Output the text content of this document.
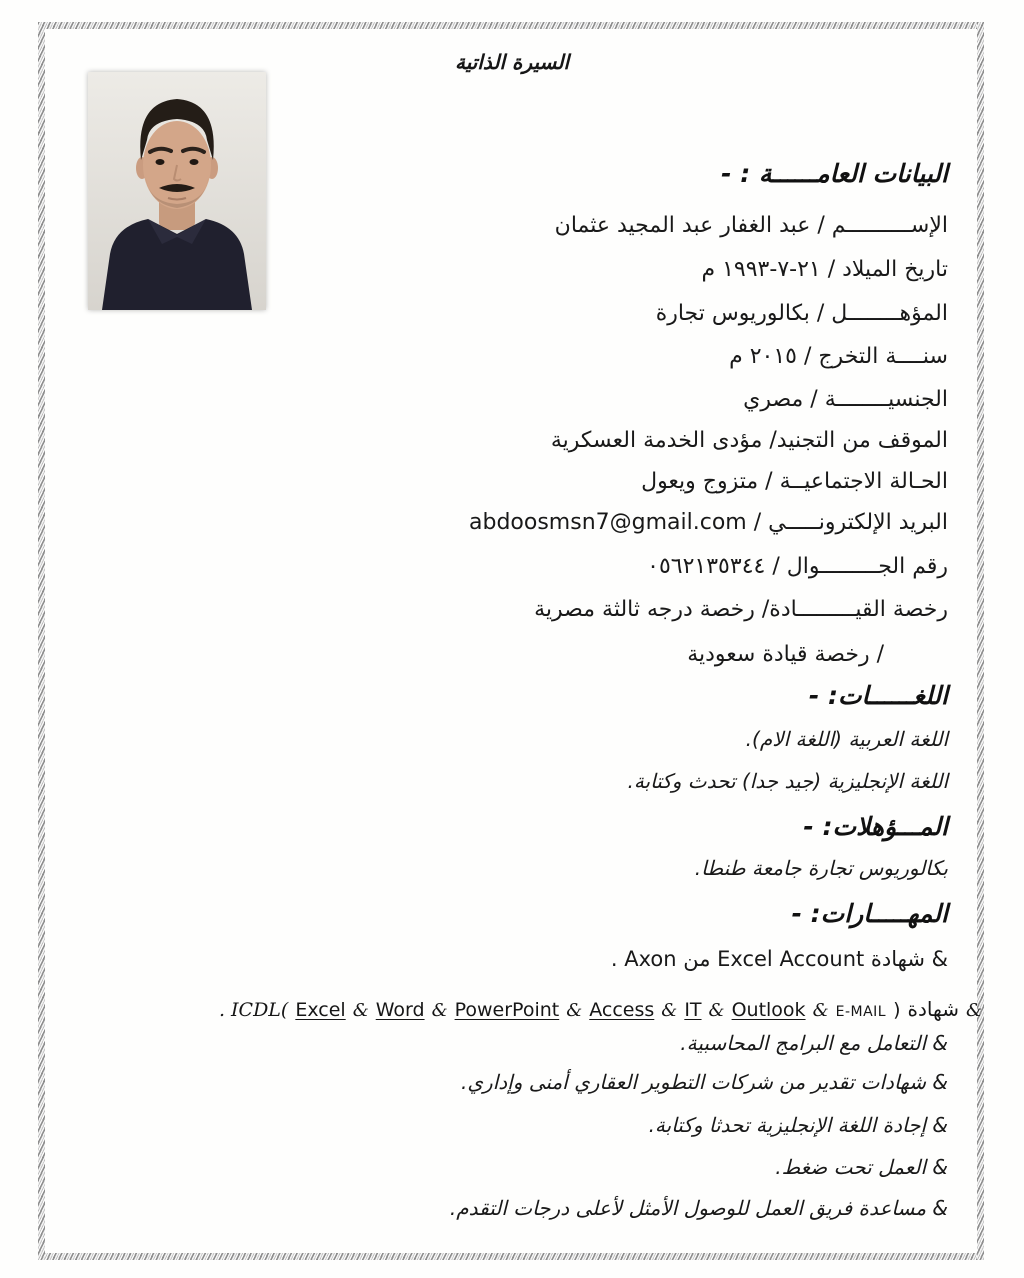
السيرة الذاتية
البيانات العامــــــة : -
الإســــــــــم / عبد الغفار عبد المجيد عثمان
تاريخ الميلاد / ٢١-٧-١٩٩٣ م
المؤهــــــــل / بكالوريوس تجارة
سنــــة التخرج / ٢٠١٥ م
الجنسيــــــــة / مصري
الموقف من التجنيد/ مؤدى الخدمة العسكرية
الحـالة الاجتماعيــة / متزوج ويعول
البريد الإلكترونـــــي / abdoosmsn7@gmail.com
رقم الجـــــــــوال / ٠٥٦٢١٣٥٣٤٤
رخصة القيـــــــــادة/ رخصة درجه ثالثة مصرية
/ رخصة قيادة سعودية
اللغــــــات: -
اللغة العربية (اللغة الام).
اللغة الإنجليزية (جيد جدا) تحدث وكتابة.
المـــؤهلات: -
بكالوريوس تجارة جامعة طنطا.
المهـــــارات: -
& شهادة Excel Account من Axon .
. ICDL( Excel & Word & PowerPoint & Access & IT & Outlook & E-MAIL ) شهادة &
& التعامل مع البرامج المحاسبية.
& شهادات تقدير من شركات التطوير العقاري أمنى وإداري.
& إجادة اللغة الإنجليزية تحدثا وكتابة.
& العمل تحت ضغط.
& مساعدة فريق العمل للوصول الأمثل لأعلى درجات التقدم.
